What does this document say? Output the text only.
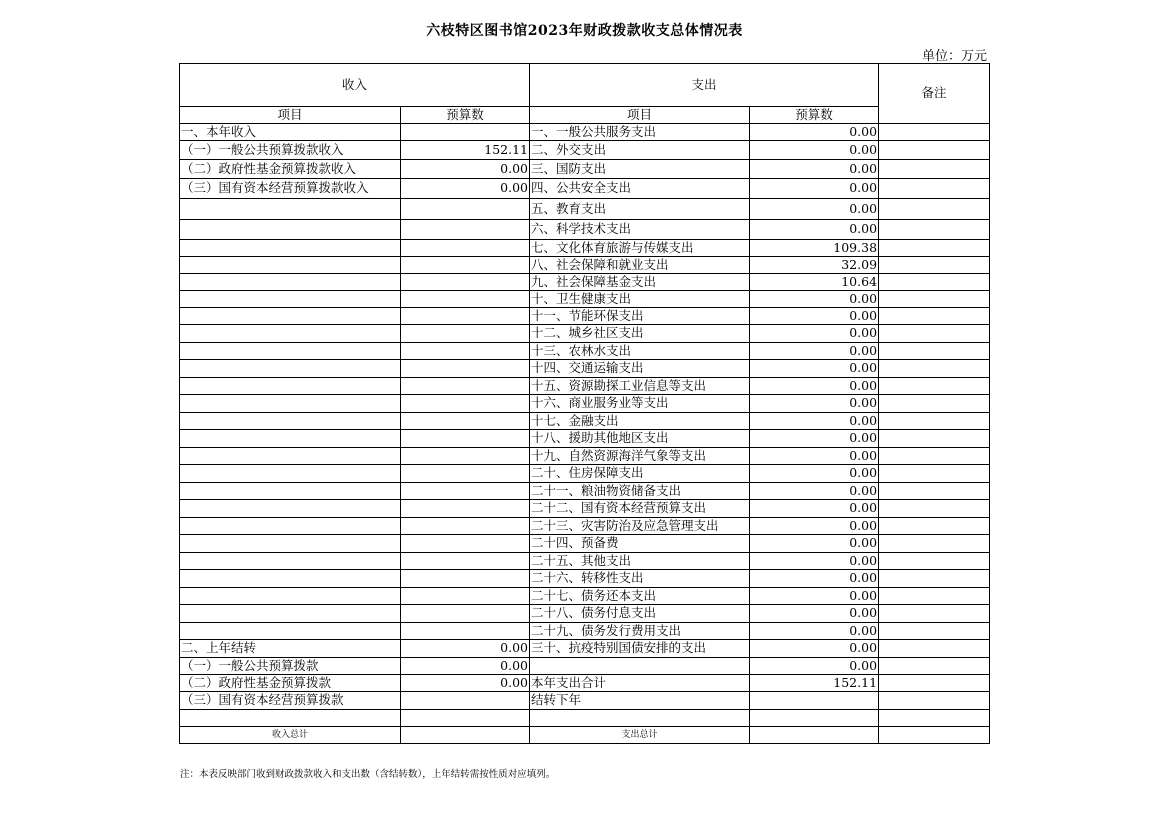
六枝特区图书馆2023年财政拨款收支总体情况表
单位：万元
收入		支出		备注
项目	预算数	项目	预算数	
一、本年收入		一、一般公共服务支出	0.00	
（一）一般公共预算拨款收入	152.11	二、外交支出	0.00	
（二）政府性基金预算拨款收入	0.00	三、国防支出	0.00	
（三）国有资本经营预算拨款收入	0.00	四、公共安全支出	0.00	
		五、教育支出	0.00	
		六、科学技术支出	0.00	
		七、文化体育旅游与传媒支出	109.38	
		八、社会保障和就业支出	32.09	
		九、社会保障基金支出	10.64	
		十、卫生健康支出	0.00	
		十一、节能环保支出	0.00	
		十二、城乡社区支出	0.00	
		十三、农林水支出	0.00	
		十四、交通运输支出	0.00	
		十五、资源勘探工业信息等支出	0.00	
		十六、商业服务业等支出	0.00	
		十七、金融支出	0.00	
		十八、援助其他地区支出	0.00	
		十九、自然资源海洋气象等支出	0.00	
		二十、住房保障支出	0.00	
		二十一、粮油物资储备支出	0.00	
		二十二、国有资本经营预算支出	0.00	
		二十三、灾害防治及应急管理支出	0.00	
		二十四、预备费	0.00	
		二十五、其他支出	0.00	
		二十六、转移性支出	0.00	
		二十七、债务还本支出	0.00	
		二十八、债务付息支出	0.00	
		二十九、债务发行费用支出	0.00	
二、上年结转	0.00	三十、抗疫特别国债安排的支出	0.00	
（一）一般公共预算拨款	0.00		0.00	
（二）政府性基金预算拨款	0.00	本年支出合计	152.11	
（三）国有资本经营预算拨款		结转下年		

收入总计		支出总计		
注：本表反映部门收到财政拨款收入和支出数（含结转数），上年结转需按性质对应填列。
